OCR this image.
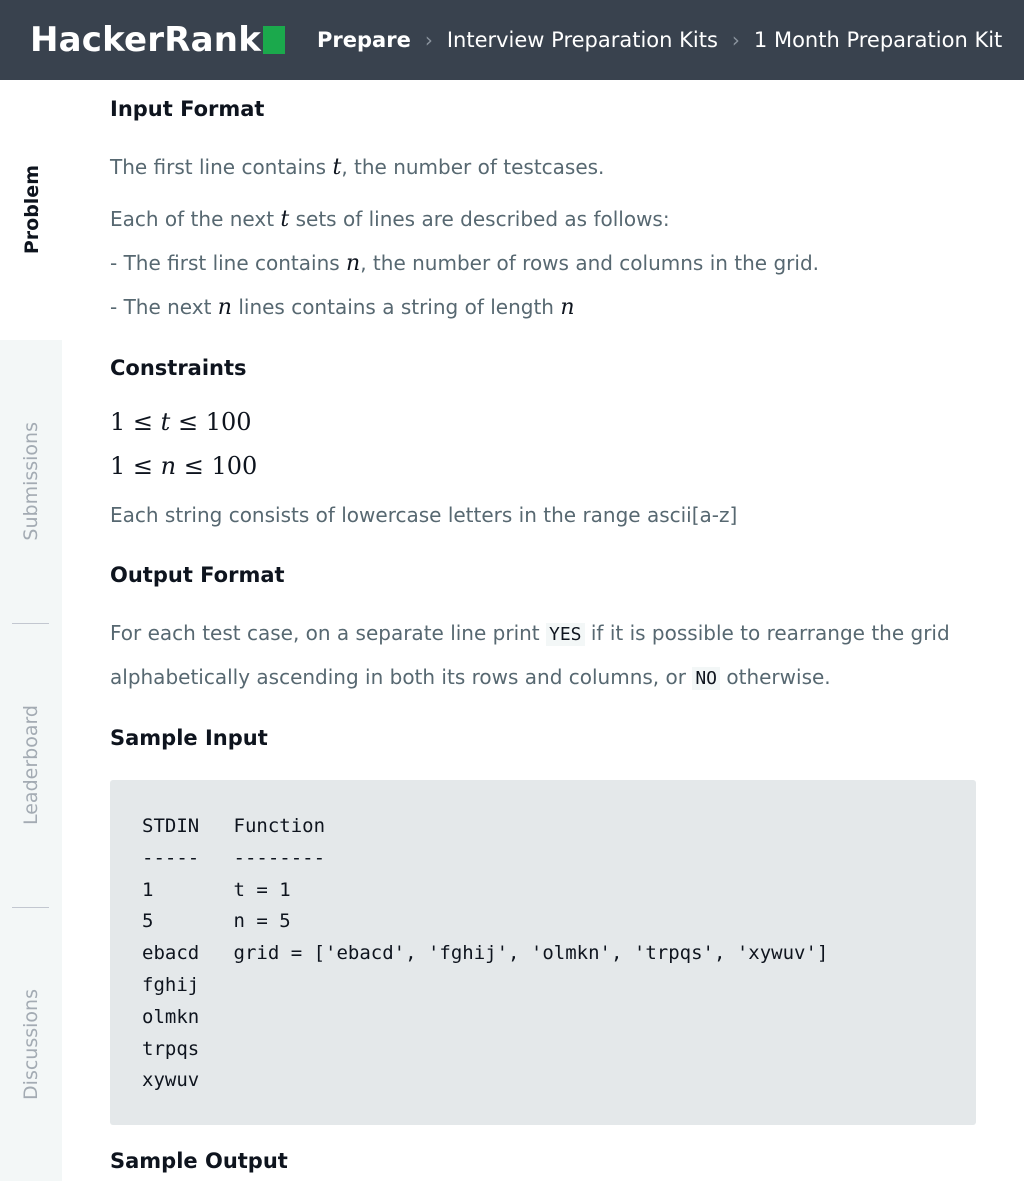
HackerRank	Prepare › Interview Preparation Kits › 1 Month Preparation Kit
Problem
Submissions
Leaderboard
Discussions
Input Format

The first line contains t, the number of testcases.

Each of the next t sets of lines are described as follows:

- The first line contains n, the number of rows and columns in the grid.

- The next n lines contains a string of length n

Constraints

1 ≤ t ≤ 100

1 ≤ n ≤ 100

Each string consists of lowercase letters in the range ascii[a-z]

Output Format

For each test case, on a separate line print YES if it is possible to rearrange the grid

alphabetically ascending in both its rows and columns, or NO otherwise.

Sample Input
STDIN   Function
-----   --------
1       t = 1
5       n = 5
ebacd   grid = ['ebacd', 'fghij', 'olmkn', 'trpqs', 'xywuv']
fghij
olmkn
trpqs
xywuv
Sample Output
